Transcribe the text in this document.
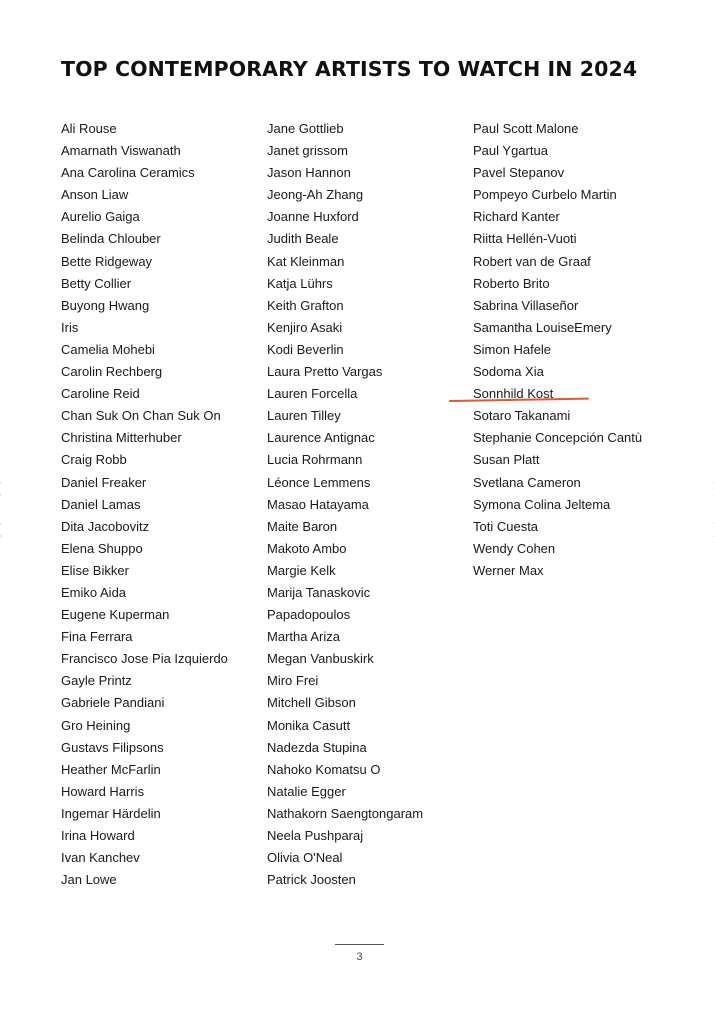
TOP CONTEMPORARY ARTISTS TO WATCH IN 2024
Ali Rouse
Amarnath Viswanath
Ana Carolina Ceramics
Anson Liaw
Aurelio Gaiga
Belinda Chlouber
Bette Ridgeway
Betty Collier
Buyong Hwang
Iris
Camelia Mohebi
Carolin Rechberg
Caroline Reid
Chan Suk On Chan Suk On
Christina Mitterhuber
Craig Robb
Daniel Freaker
Daniel Lamas
Dita Jacobovitz
Elena Shuppo
Elise Bikker
Emiko Aida
Eugene Kuperman
Fina Ferrara
Francisco Jose Pia Izquierdo
Gayle Printz
Gabriele Pandiani
Gro Heining
Gustavs Filipsons
Heather McFarlin
Howard Harris
Ingemar Härdelin
Irina Howard
Ivan Kanchev
Jan Lowe
Jane Gottlieb
Janet grissom
Jason Hannon
Jeong-Ah Zhang
Joanne Huxford
Judith Beale
Kat Kleinman
Katja Lührs
Keith Grafton
Kenjiro Asaki
Kodi Beverlin
Laura Pretto Vargas
Lauren Forcella
Lauren Tilley
Laurence Antignac
Lucia Rohrmann
Léonce Lemmens
Masao Hatayama
Maite Baron
Makoto Ambo
Margie Kelk
Marija Tanaskovic
Papadopoulos
Martha Ariza
Megan Vanbuskirk
Miro Frei
Mitchell Gibson
Monika Casutt
Nadezda Stupina
Nahoko Komatsu O
Natalie Egger
Nathakorn Saengtongaram
Neela Pushparaj
Olivia O'Neal
Patrick Joosten
Paul Scott Malone
Paul Ygartua
Pavel Stepanov
Pompeyo Curbelo Martin
Richard Kanter
Riitta Hellén-Vuoti
Robert van de Graaf
Roberto Brito
Sabrina Villaseñor
Samantha LouiseEmery
Simon Hafele
Sodoma Xia
Sonnhild Kost
Sotaro Takanami
Stephanie Concepción Cantù
Susan Platt
Svetlana Cameron
Symona Colina Jeltema
Toti Cuesta
Wendy Cohen
Werner Max
3
